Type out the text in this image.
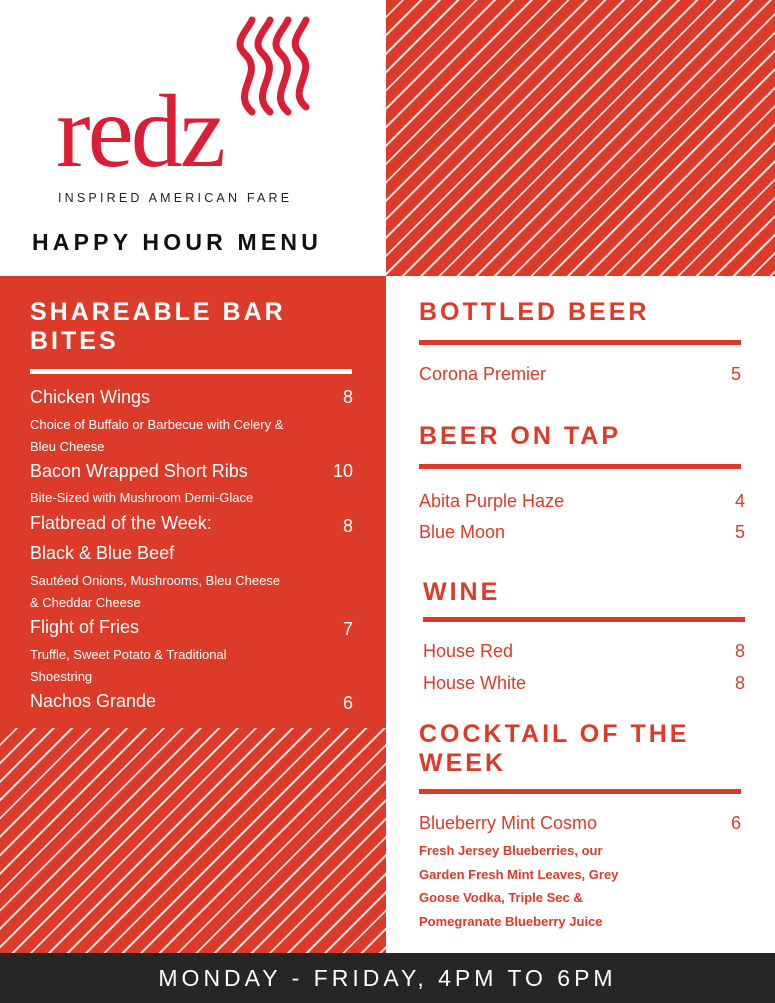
redz
INSPIRED AMERICAN FARE
HAPPY HOUR MENU
SHAREABLE BAR BITES
Chicken Wings	8
Choice of Buffalo or Barbecue with Celery & Bleu Cheese
Bacon Wrapped Short Ribs	10
Bite-Sized with Mushroom Demi-Glace
Flatbread of the Week:	8
Black & Blue Beef
Sautéed Onions, Mushrooms, Bleu Cheese & Cheddar Cheese
Flight of Fries	7
Truffle, Sweet Potato & Traditional Shoestring
Nachos Grande	6
BOTTLED BEER
Corona Premier	5
BEER ON TAP
Abita Purple Haze	4
Blue Moon	5
WINE
House Red	8
House White	8
COCKTAIL OF THE WEEK
Blueberry Mint Cosmo	6
Fresh Jersey Blueberries, our Garden Fresh Mint Leaves, Grey Goose Vodka, Triple Sec & Pomegranate Blueberry Juice
MONDAY - FRIDAY, 4PM TO 6PM
